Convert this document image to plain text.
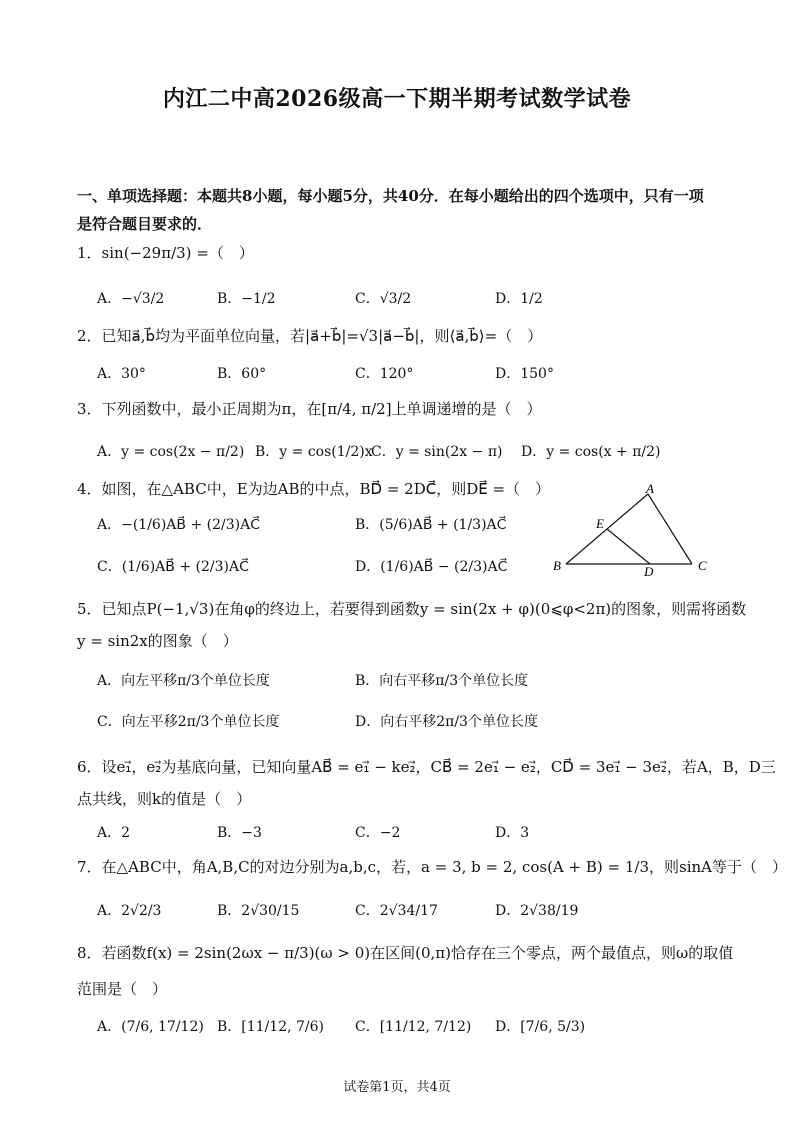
内江二中高2026级高一下期半期考试数学试卷
一、单项选择题：本题共8小题，每小题5分，共40分．在每小题给出的四个选项中，只有一项是符合题目要求的．
1．sin(−29π/3) =（　）
A．−√3/2	B．−1/2	C．√3/2	D．1/2
2．已知a⃗,b⃗均为平面单位向量，若|a⃗+b⃗|=√3|a⃗−b⃗|，则⟨a⃗,b⃗⟩=（　）
A．30°	B．60°	C．120°	D．150°
3．下列函数中，最小正周期为π，在[π/4, π/2]上单调递增的是（　）
A．y = cos(2x − π/2) B．y = cos(1/2)x
C．y = sin(2x − π) D．y = cos(x + π/2)
4．如图，在△ABC中，E为边AB的中点，BD⃗ = 2DC⃗，则DE⃗ =（　）
A．−(1/6)AB⃗ + (2/3)AC⃗	B．(5/6)AB⃗ + (1/3)AC⃗
C．(1/6)AB⃗ + (2/3)AC⃗	D．(1/6)AB⃗ − (2/3)AC⃗
A
E
B	D	C
5．已知点P(−1,√3)在角φ的终边上，若要得到函数y = sin(2x + φ)(0⩽φ<2π)的图象，则需将函数
y = sin2x的图象（　）
A．向左平移π/3个单位长度	B．向右平移π/3个单位长度
C．向左平移2π/3个单位长度	D．向右平移2π/3个单位长度
6．设e₁⃗，e₂⃗为基底向量，已知向量AB⃗ = e₁⃗ − ke₂⃗，CB⃗ = 2e₁⃗ − e₂⃗，CD⃗ = 3e₁⃗ − 3e₂⃗，若A，B，D三
点共线，则k的值是（　）
A．2	B．−3	C．−2	D．3
7．在△ABC中，角A,B,C的对边分别为a,b,c，若，a = 3, b = 2, cos(A + B) = 1/3，则sinA等于（　）
A．2√2/3	B．2√30/15	C．2√34/17	D．2√38/19
8．若函数f(x) = 2sin(2ωx − π/3)(ω > 0)在区间(0,π)恰存在三个零点，两个最值点，则ω的取值
范围是（　）
A．(7/6, 17/12) B．[11/12, 7/6) C．[11/12, 7/12) D．[7/6, 5/3)
试卷第1页，共4页
